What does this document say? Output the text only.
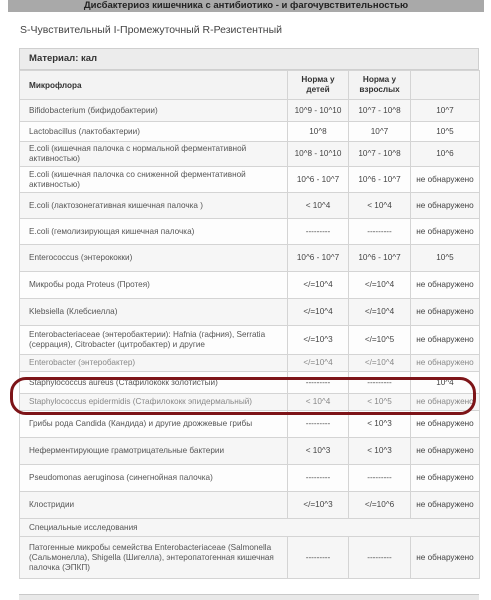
Дисбактериоз кишечника с антибиотико - и фагочувствительностью
S-Чувствительный I-Промежуточный R-Резистентный
Материал: кал
Микрофлора	Норма у детей	Норма у взрослых	
Bifidobacterium (бифидобактерии)	10^9 - 10^10	10^7 - 10^8	10^7
Lactobacillus (лактобактерии)	10^8	10^7	10^5
E.coli (кишечная палочка с нормальной ферментативной активностью)	10^8 - 10^10	10^7 - 10^8	10^6
E.coli (кишечная палочка со сниженной ферментативной активностью)	10^6 - 10^7	10^6 - 10^7	не обнаружено
E.coli (лактозонегативная кишечная палочка )	< 10^4	< 10^4	не обнаружено
E.coli (гемолизирующая кишечная палочка)	---------	---------	не обнаружено
Enterococcus (энтерококки)	10^6 - 10^7	10^6 - 10^7	10^5
Микробы рода Proteus (Протея)	</=10^4	</=10^4	не обнаружено
Klebsiella (Клебсиелла)	</=10^4	</=10^4	не обнаружено
Enterobacteriaceae (энтеробактерии): Hafnia (гафния), Serratia (серрация), Citrobacter (цитробактер) и другие	</=10^3	</=10^5	не обнаружено
Enterobacter (энтеробактер)	</=10^4	</=10^4	не обнаружено
Staphylococcus aureus (Стафилококк золотистый)	---------	---------	10^4
Staphylococcus epidermidis (Стафилококк эпидермальный)	< 10^4	< 10^5	не обнаружено
Грибы рода Candida (Кандида) и другие дрожжевые грибы	---------	< 10^3	не обнаружено
Неферментирующие грамотрицательные бактерии	< 10^3	< 10^3	не обнаружено
Pseudomonas aeruginosa (синегнойная палочка)	---------	---------	не обнаружено
Клостридии	</=10^3	</=10^6	не обнаружено
Специальные исследования			
Патогенные микробы семейства Enterobacteriaceae (Salmonella (Сальмонелла), Shigella (Шигелла), энтеропатогенная кишечная палочка (ЭПКП)	---------	---------	не обнаружено
